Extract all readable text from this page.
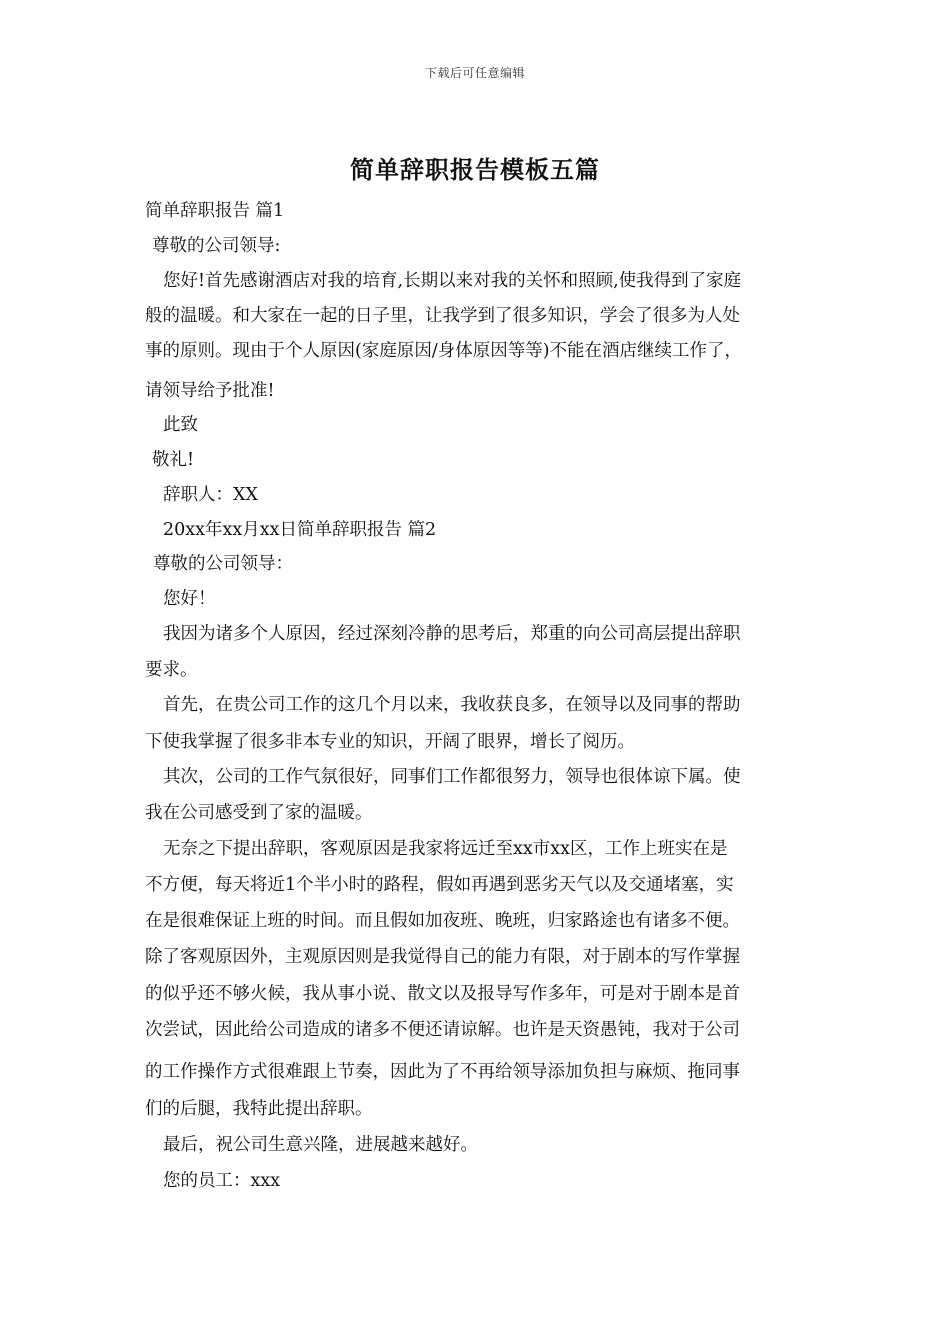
下载后可任意编辑
简单辞职报告模板五篇
简单辞职报告 篇1
尊敬的公司领导:
您好!首先感谢酒店对我的培育,长期以来对我的关怀和照顾,使我得到了家庭
般的温暖。和大家在一起的日子里，让我学到了很多知识，学会了很多为人处
事的原则。现由于个人原因(家庭原因/身体原因等等)不能在酒店继续工作了，
请领导给予批准!
此致
敬礼!
辞职人：XX
20xx年xx月xx日简单辞职报告 篇2
尊敬的公司领导：
您好！
我因为诸多个人原因，经过深刻冷静的思考后，郑重的向公司高层提出辞职
要求。
首先，在贵公司工作的这几个月以来，我收获良多，在领导以及同事的帮助
下使我掌握了很多非本专业的知识，开阔了眼界，增长了阅历。
其次，公司的工作气氛很好，同事们工作都很努力，领导也很体谅下属。使
我在公司感受到了家的温暖。
无奈之下提出辞职，客观原因是我家将远迁至xx市xx区，工作上班实在是
不方便，每天将近1个半小时的路程，假如再遇到恶劣天气以及交通堵塞，实
在是很难保证上班的时间。而且假如加夜班、晚班，归家路途也有诸多不便。
除了客观原因外，主观原因则是我觉得自己的能力有限，对于剧本的写作掌握
的似乎还不够火候，我从事小说、散文以及报导写作多年，可是对于剧本是首
次尝试，因此给公司造成的诸多不便还请谅解。也许是天资愚钝，我对于公司
的工作操作方式很难跟上节奏，因此为了不再给领导添加负担与麻烦、拖同事
们的后腿，我特此提出辞职。
最后，祝公司生意兴隆，进展越来越好。
您的员工：xxx
